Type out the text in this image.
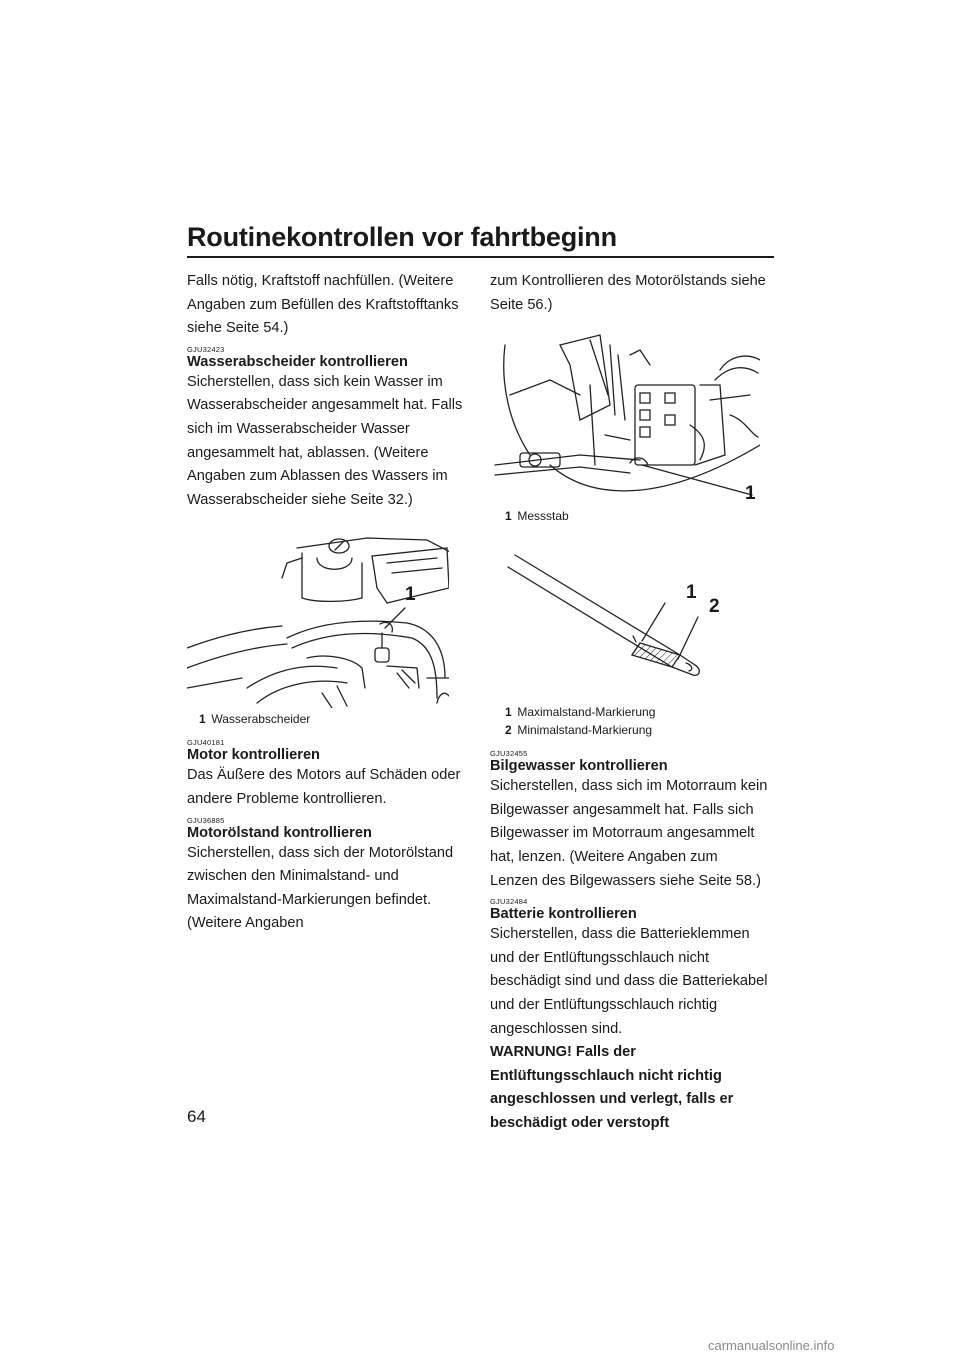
Routinekontrollen vor fahrtbeginn

Falls nötig, Kraftstoff nachfüllen. (Weitere Angaben zum Befüllen des Kraftstofftanks siehe Seite 54.)

GJU32423
Wasserabscheider kontrollieren

Sicherstellen, dass sich kein Wasser im Wasserabscheider angesammelt hat. Falls sich im Wasserabscheider Wasser angesammelt hat, ablassen. (Weitere Angaben zum Ablassen des Wassers im Wasserabscheider siehe Seite 32.)

1

1 Wasserabscheider

GJU40181
Motor kontrollieren

Das Äußere des Motors auf Schäden oder andere Probleme kontrollieren.

GJU36885
Motorölstand kontrollieren

Sicherstellen, dass sich der Motorölstand zwischen den Minimalstand- und Maximalstand-Markierungen befindet. (Weitere Angaben

zum Kontrollieren des Motorölstands siehe Seite 56.)

1

1 Messstab

1
2

1 Maximalstand-Markierung

2 Minimalstand-Markierung

GJU32455
Bilgewasser kontrollieren

Sicherstellen, dass sich im Motorraum kein Bilgewasser angesammelt hat. Falls sich Bilgewasser im Motorraum angesammelt hat, lenzen. (Weitere Angaben zum Lenzen des Bilgewassers siehe Seite 58.)

GJU32484
Batterie kontrollieren

Sicherstellen, dass die Batterieklemmen und der Entlüftungsschlauch nicht beschädigt sind und dass die Batteriekabel und der Entlüftungsschlauch richtig angeschlossen sind.

WARNUNG! Falls der Entlüftungsschlauch nicht richtig angeschlossen und verlegt, falls er beschädigt oder verstopft

64
carmanualsonline.info
